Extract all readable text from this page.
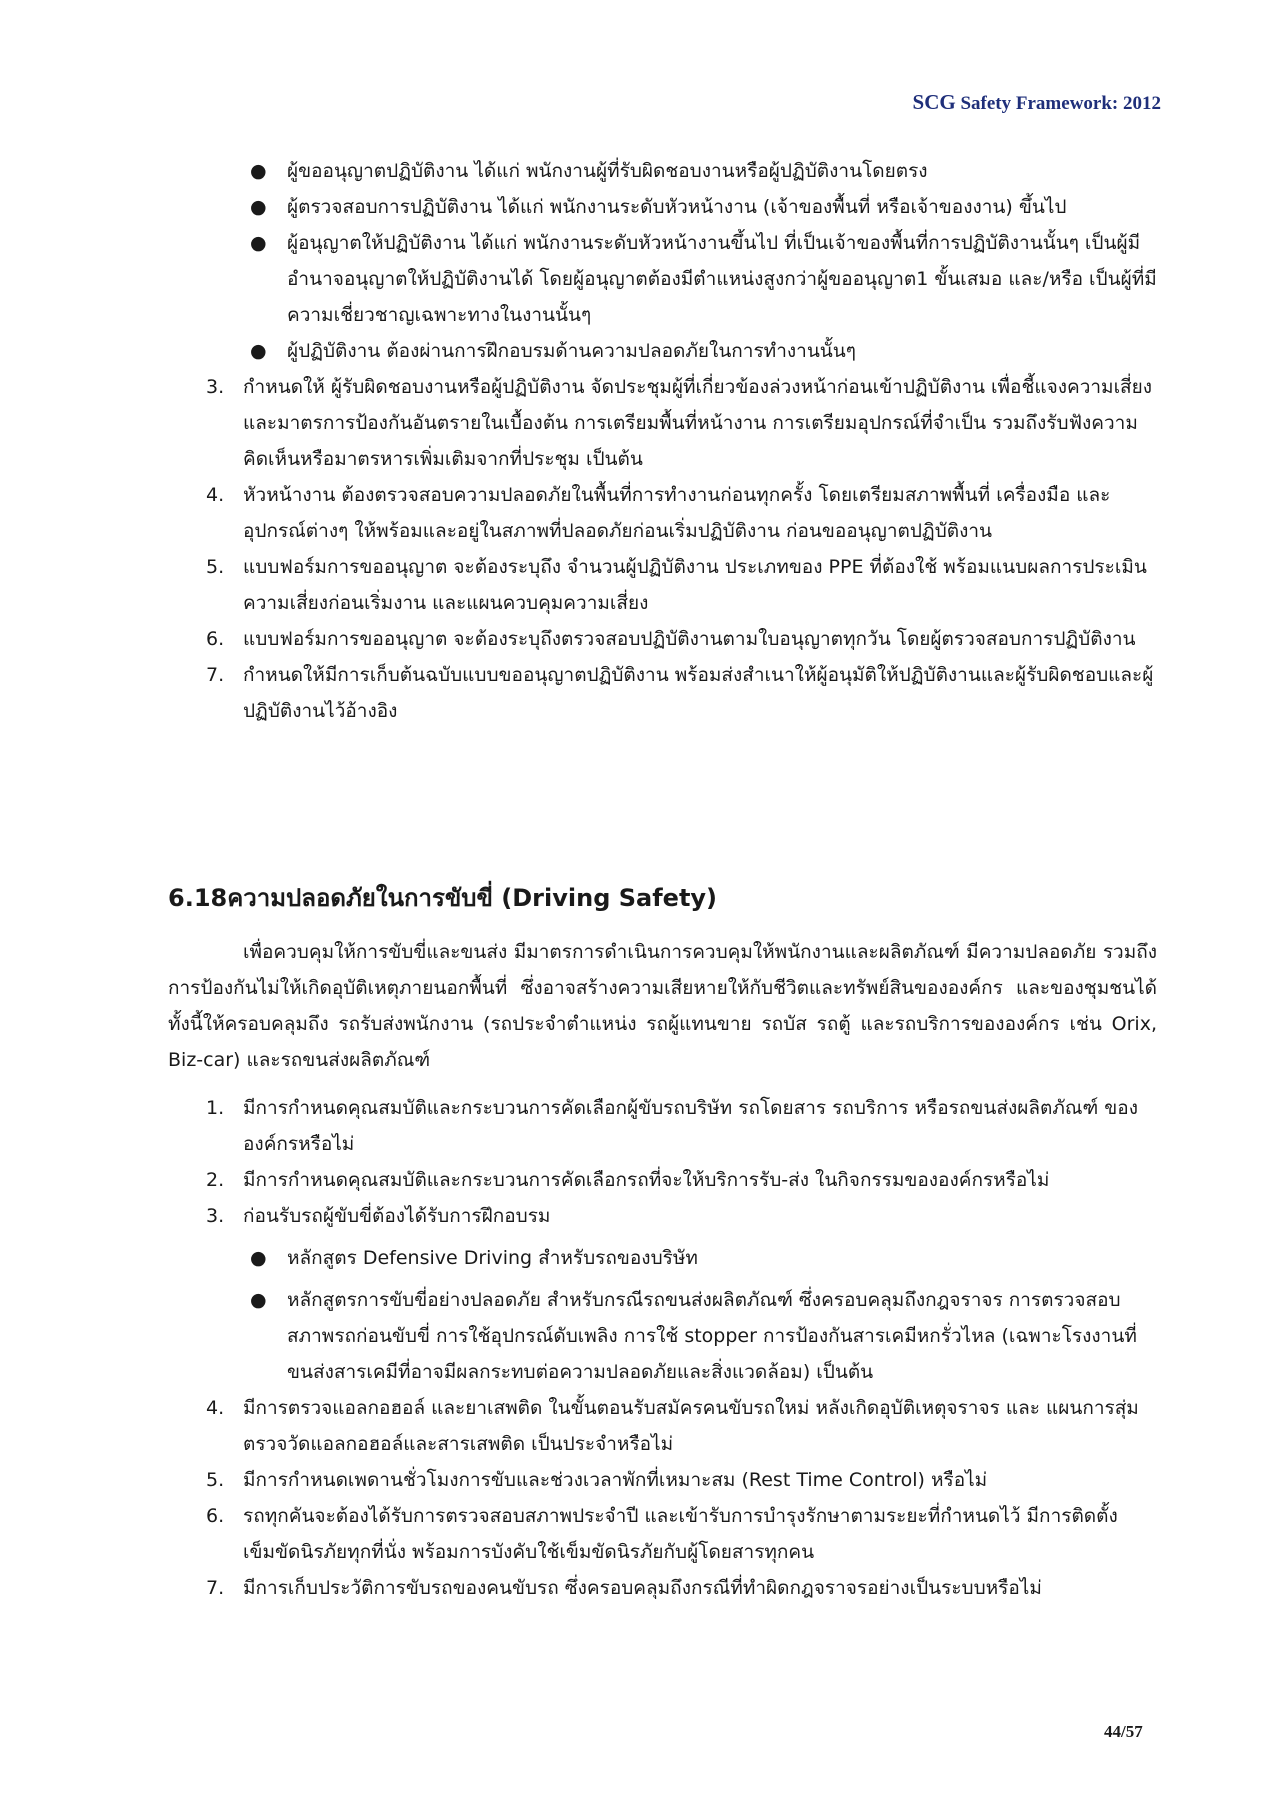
SCG Safety Framework: 2012
● ผู้ขออนุญาตปฏิบัติงาน ได้แก่ พนักงานผู้ที่รับผิดชอบงานหรือผู้ปฏิบัติงานโดยตรง
● ผู้ตรวจสอบการปฏิบัติงาน ได้แก่ พนักงานระดับหัวหน้างาน (เจ้าของพื้นที่ หรือเจ้าของงาน) ขึ้นไป
● ผู้อนุญาตให้ปฏิบัติงาน ได้แก่ พนักงานระดับหัวหน้างานขึ้นไป ที่เป็นเจ้าของพื้นที่การปฏิบัติงานนั้นๆ เป็นผู้มีอำนาจอนุญาตให้ปฏิบัติงานได้ โดยผู้อนุญาตต้องมีตำแหน่งสูงกว่าผู้ขออนุญาต1 ขั้นเสมอ และ/หรือ เป็นผู้ที่มีความเชี่ยวชาญเฉพาะทางในงานนั้นๆ
● ผู้ปฏิบัติงาน ต้องผ่านการฝึกอบรมด้านความปลอดภัยในการทำงานนั้นๆ
3. กำหนดให้ ผู้รับผิดชอบงานหรือผู้ปฏิบัติงาน จัดประชุมผู้ที่เกี่ยวข้องล่วงหน้าก่อนเข้าปฏิบัติงาน เพื่อชี้แจงความเสี่ยง และมาตรการป้องกันอันตรายในเบื้องต้น การเตรียมพื้นที่หน้างาน การเตรียมอุปกรณ์ที่จำเป็น รวมถึงรับฟังความคิดเห็นหรือมาตรหารเพิ่มเติมจากที่ประชุม เป็นต้น
4. หัวหน้างาน ต้องตรวจสอบความปลอดภัยในพื้นที่การทำงานก่อนทุกครั้ง โดยเตรียมสภาพพื้นที่ เครื่องมือ และอุปกรณ์ต่างๆ ให้พร้อมและอยู่ในสภาพที่ปลอดภัยก่อนเริ่มปฏิบัติงาน ก่อนขออนุญาตปฏิบัติงาน
5. แบบฟอร์มการขออนุญาต จะต้องระบุถึง จำนวนผู้ปฏิบัติงาน ประเภทของ PPE ที่ต้องใช้ พร้อมแนบผลการประเมินความเสี่ยงก่อนเริ่มงาน และแผนควบคุมความเสี่ยง
6. แบบฟอร์มการขออนุญาต จะต้องระบุถึงตรวจสอบปฏิบัติงานตามใบอนุญาตทุกวัน โดยผู้ตรวจสอบการปฏิบัติงาน
7. กำหนดให้มีการเก็บต้นฉบับแบบขออนุญาตปฏิบัติงาน พร้อมส่งสำเนาให้ผู้อนุมัติให้ปฏิบัติงานและผู้รับผิดชอบและผู้ปฏิบัติงานไว้อ้างอิง
6.18ความปลอดภัยในการขับขี่ (Driving Safety)
เพื่อควบคุมให้การขับขี่และขนส่ง มีมาตรการดำเนินการควบคุมให้พนักงานและผลิตภัณฑ์ มีความปลอดภัย รวมถึงการป้องกันไม่ให้เกิดอุบัติเหตุภายนอกพื้นที่ ซึ่งอาจสร้างความเสียหายให้กับชีวิตและทรัพย์สินขององค์กร และของชุมชนได้ ทั้งนี้ให้ครอบคลุมถึง รถรับส่งพนักงาน (รถประจำตำแหน่ง รถผู้แทนขาย รถบัส รถตู้ และรถบริการขององค์กร เช่น Orix, Biz-car) และรถขนส่งผลิตภัณฑ์
1. มีการกำหนดคุณสมบัติและกระบวนการคัดเลือกผู้ขับรถบริษัท รถโดยสาร รถบริการ หรือรถขนส่งผลิตภัณฑ์ ขององค์กรหรือไม่
2. มีการกำหนดคุณสมบัติและกระบวนการคัดเลือกรถที่จะให้บริการรับ-ส่ง ในกิจกรรมขององค์กรหรือไม่
3. ก่อนรับรถผู้ขับขี่ต้องได้รับการฝึกอบรม
● หลักสูตร Defensive Driving สำหรับรถของบริษัท
● หลักสูตรการขับขี่อย่างปลอดภัย สำหรับกรณีรถขนส่งผลิตภัณฑ์ ซึ่งครอบคลุมถึงกฎจราจร การตรวจสอบสภาพรถก่อนขับขี่ การใช้อุปกรณ์ดับเพลิง การใช้ stopper การป้องกันสารเคมีหกรั่วไหล (เฉพาะโรงงานที่ขนส่งสารเคมีที่อาจมีผลกระทบต่อความปลอดภัยและสิ่งแวดล้อม) เป็นต้น
4. มีการตรวจแอลกอฮอล์ และยาเสพติด ในขั้นตอนรับสมัครคนขับรถใหม่ หลังเกิดอุบัติเหตุจราจร และ แผนการสุ่มตรวจวัดแอลกอฮอล์และสารเสพติด เป็นประจำหรือไม่
5. มีการกำหนดเพดานชั่วโมงการขับและช่วงเวลาพักที่เหมาะสม (Rest Time Control) หรือไม่
6. รถทุกคันจะต้องได้รับการตรวจสอบสภาพประจำปี และเข้ารับการบำรุงรักษาตามระยะที่กำหนดไว้ มีการติดตั้งเข็มขัดนิรภัยทุกที่นั่ง พร้อมการบังคับใช้เข็มขัดนิรภัยกับผู้โดยสารทุกคน
7. มีการเก็บประวัติการขับรถของคนขับรถ ซึ่งครอบคลุมถึงกรณีที่ทำผิดกฎจราจรอย่างเป็นระบบหรือไม่
44/57
